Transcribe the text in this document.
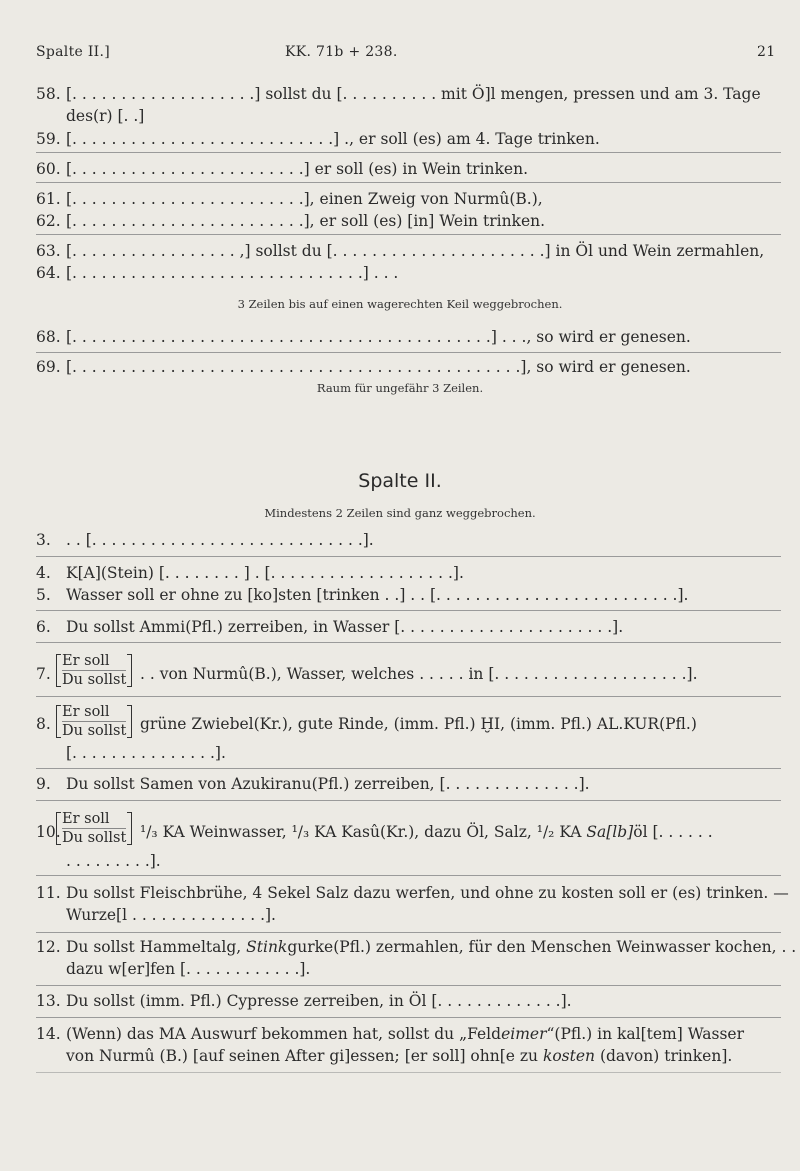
Spalte II.]	KK. 71b + 238.	21
58. [. . . . . . . . . . . . . . . . . . .] sollst du [. . . . . . . . . . mit Ö]l mengen, pressen und am 3. Tage
des(r) [. .]
59. [. . . . . . . . . . . . . . . . . . . . . . . . . . .] ., er soll (es) am 4. Tage trinken.
60. [. . . . . . . . . . . . . . . . . . . . . . . .] er soll (es) in Wein trinken.
61. [. . . . . . . . . . . . . . . . . . . . . . . .], einen Zweig von Nurmû(B.),
62. [. . . . . . . . . . . . . . . . . . . . . . . .], er soll (es) [in] Wein trinken.
63. [. . . . . . . . . . . . . . . . . ,] sollst du [. . . . . . . . . . . . . . . . . . . . . .] in Öl und Wein zermahlen,
64. [. . . . . . . . . . . . . . . . . . . . . . . . . . . . . .] . . .
3 Zeilen bis auf einen wagerechten Keil weggebrochen.
68. [. . . . . . . . . . . . . . . . . . . . . . . . . . . . . . . . . . . . . . . . . . .] . . ., so wird er genesen.
69. [. . . . . . . . . . . . . . . . . . . . . . . . . . . . . . . . . . . . . . . . . . . . . .], so wird er genesen.
Raum für ungefähr 3 Zeilen.
Spalte II.
Mindestens 2 Zeilen sind ganz weggebrochen.
3. . . [. . . . . . . . . . . . . . . . . . . . . . . . . . . .].
4. K[A](Stein) [. . . . . . . . ] . [. . . . . . . . . . . . . . . . . . .].
5. Wasser soll er ohne zu [ko]sten [trinken . .] . . [. . . . . . . . . . . . . . . . . . . . . . . . .].
6. Du sollst Ammi(Pfl.) zerreiben, in Wasser [. . . . . . . . . . . . . . . . . . . . . .].
7.
Er soll
Du sollst . . von Nurmû(B.), Wasser, welches . . . . . in [. . . . . . . . . . . . . . . . . . . .].
8.
Er soll
Du sollst grüne Zwiebel(Kr.), gute Rinde, (imm. Pfl.) ḪI, (imm. Pfl.) AL.KUR(Pfl.)
[. . . . . . . . . . . . . . .].
9. Du sollst Samen von Azukiranu(Pfl.) zerreiben, [. . . . . . . . . . . . . .].
10.
Er soll
Du sollst ¹/₃ KA Weinwasser, ¹/₃ KA Kasû(Kr.), dazu Öl, Salz, ¹/₂ KA Sa[lb]öl [. . . . . .
. . . . . . . . .].
11. Du sollst Fleischbrühe, 4 Sekel Salz dazu werfen, und ohne zu kosten soll er (es) trinken. —
Wurze[l . . . . . . . . . . . . . .].
12. Du sollst Hammeltalg, Stinkgurke(Pfl.) zermahlen, für den Menschen Weinwasser kochen, . .
dazu w[er]fen [. . . . . . . . . . . .].
13. Du sollst (imm. Pfl.) Cypresse zerreiben, in Öl [. . . . . . . . . . . . .].
14. (Wenn) das MA Auswurf bekommen hat, sollst du „Feldeimer“(Pfl.) in kal[tem] Wasser
von Nurmû (B.) [auf seinen After gi]essen; [er soll] ohn[e zu kosten (davon) trinken].
